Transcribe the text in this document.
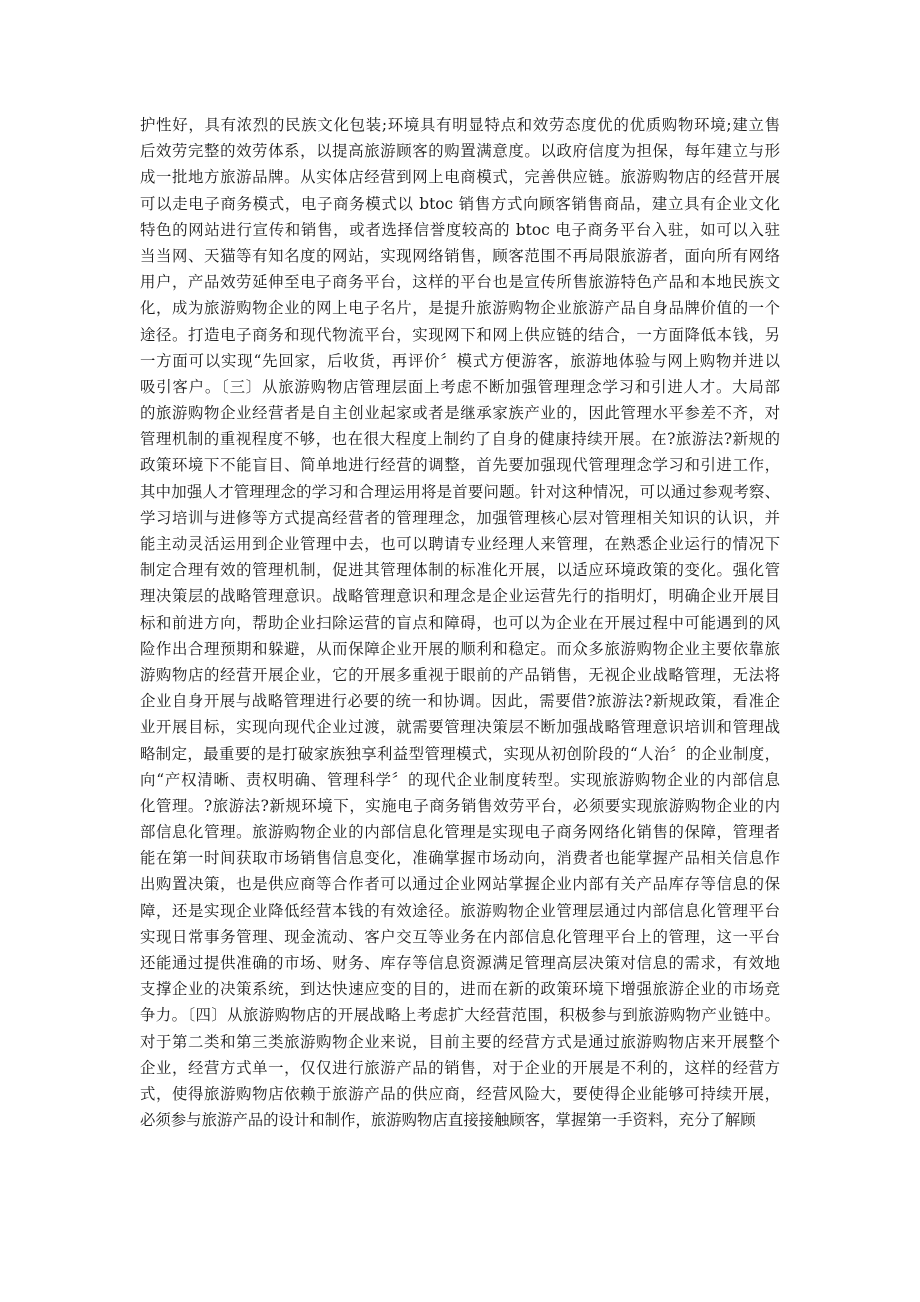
护性好，具有浓烈的民族文化包装;环境具有明显特点和效劳态度优的优质购物环境;建立售
后效劳完整的效劳体系，以提高旅游顾客的购置满意度。以政府信度为担保，每年建立与形
成一批地方旅游品牌。从实体店经营到网上电商模式，完善供应链。旅游购物店的经营开展
可以走电子商务模式，电子商务模式以 btoc 销售方式向顾客销售商品，建立具有企业文化
特色的网站进行宣传和销售，或者选择信誉度较高的 btoc 电子商务平台入驻，如可以入驻
当当网、天猫等有知名度的网站，实现网络销售，顾客范围不再局限旅游者，面向所有网络
用户，产品效劳延伸至电子商务平台，这样的平台也是宣传所售旅游特色产品和本地民族文
化，成为旅游购物企业的网上电子名片，是提升旅游购物企业旅游产品自身品牌价值的一个
途径。打造电子商务和现代物流平台，实现网下和网上供应链的结合，一方面降低本钱，另
一方面可以实现“先回家，后收货，再评价〞模式方便游客，旅游地体验与网上购物并进以
吸引客户。〔三〕从旅游购物店管理层面上考虑不断加强管理理念学习和引进人才。大局部
的旅游购物企业经营者是自主创业起家或者是继承家族产业的，因此管理水平参差不齐，对
管理机制的重视程度不够，也在很大程度上制约了自身的健康持续开展。在?旅游法?新规的
政策环境下不能盲目、简单地进行经营的调整，首先要加强现代管理理念学习和引进工作，
其中加强人才管理理念的学习和合理运用将是首要问题。针对这种情况，可以通过参观考察、
学习培训与进修等方式提高经营者的管理理念，加强管理核心层对管理相关知识的认识，并
能主动灵活运用到企业管理中去，也可以聘请专业经理人来管理，在熟悉企业运行的情况下
制定合理有效的管理机制，促进其管理体制的标准化开展，以适应环境政策的变化。强化管
理决策层的战略管理意识。战略管理意识和理念是企业运营先行的指明灯，明确企业开展目
标和前进方向，帮助企业扫除运营的盲点和障碍，也可以为企业在开展过程中可能遇到的风
险作出合理预期和躲避，从而保障企业开展的顺利和稳定。而众多旅游购物企业主要依靠旅
游购物店的经营开展企业，它的开展多重视于眼前的产品销售，无视企业战略管理，无法将
企业自身开展与战略管理进行必要的统一和协调。因此，需要借?旅游法?新规政策，看准企
业开展目标，实现向现代企业过渡，就需要管理决策层不断加强战略管理意识培训和管理战
略制定，最重要的是打破家族独享利益型管理模式，实现从初创阶段的“人治〞的企业制度，
向“产权清晰、责权明确、管理科学〞的现代企业制度转型。实现旅游购物企业的内部信息
化管理。?旅游法?新规环境下，实施电子商务销售效劳平台，必须要实现旅游购物企业的内
部信息化管理。旅游购物企业的内部信息化管理是实现电子商务网络化销售的保障，管理者
能在第一时间获取市场销售信息变化，准确掌握市场动向，消费者也能掌握产品相关信息作
出购置决策，也是供应商等合作者可以通过企业网站掌握企业内部有关产品库存等信息的保
障，还是实现企业降低经营本钱的有效途径。旅游购物企业管理层通过内部信息化管理平台
实现日常事务管理、现金流动、客户交互等业务在内部信息化管理平台上的管理，这一平台
还能通过提供准确的市场、财务、库存等信息资源满足管理高层决策对信息的需求，有效地
支撑企业的决策系统，到达快速应变的目的，进而在新的政策环境下增强旅游企业的市场竞
争力。〔四〕从旅游购物店的开展战略上考虑扩大经营范围，积极参与到旅游购物产业链中。
对于第二类和第三类旅游购物企业来说，目前主要的经营方式是通过旅游购物店来开展整个
企业，经营方式单一，仅仅进行旅游产品的销售，对于企业的开展是不利的，这样的经营方
式，使得旅游购物店依赖于旅游产品的供应商，经营风险大，要使得企业能够可持续开展，
必须参与旅游产品的设计和制作，旅游购物店直接接触顾客，掌握第一手资料，充分了解顾
